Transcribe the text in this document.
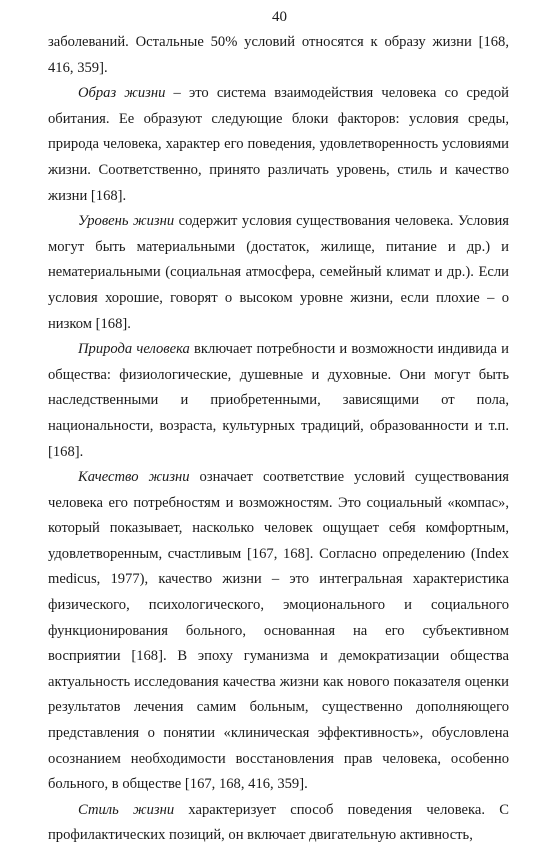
40

заболеваний. Остальные 50% условий относятся к образу жизни [168, 416, 359].

Образ жизни – это система взаимодействия человека со средой обитания. Ее образуют следующие блоки факторов: условия среды, природа человека, характер его поведения, удовлетворенность условиями жизни. Соответственно, принято различать уровень, стиль и качество жизни [168].

Уровень жизни содержит условия существования человека. Условия могут быть материальными (достаток, жилище, питание и др.) и нематериальными (социальная атмосфера, семейный климат и др.). Если условия хорошие, говорят о высоком уровне жизни, если плохие – о низком [168].

Природа человека включает потребности и возможности индивида и общества: физиологические, душевные и духовные. Они могут быть наследственными и приобретенными, зависящими от пола, национальности, возраста, культурных традиций, образованности и т.п. [168].

Качество жизни означает соответствие условий существования человека его потребностям и возможностям. Это социальный «компас», который показывает, насколько человек ощущает себя комфортным, удовлетворенным, счастливым [167, 168]. Согласно определению (Index medicus, 1977), качество жизни – это интегральная характеристика физического, психологического, эмоционального и социального функционирования больного, основанная на его субъективном восприятии [168]. В эпоху гуманизма и демократизации общества актуальность исследования качества жизни как нового показателя оценки результатов лечения самим больным, существенно дополняющего представления о понятии «клиническая эффективность», обусловлена осознанием необходимости восстановления прав человека, особенно больного, в обществе [167, 168, 416, 359].

Стиль жизни характеризует способ поведения человека. С профилактических позиций, он включает двигательную активность,
